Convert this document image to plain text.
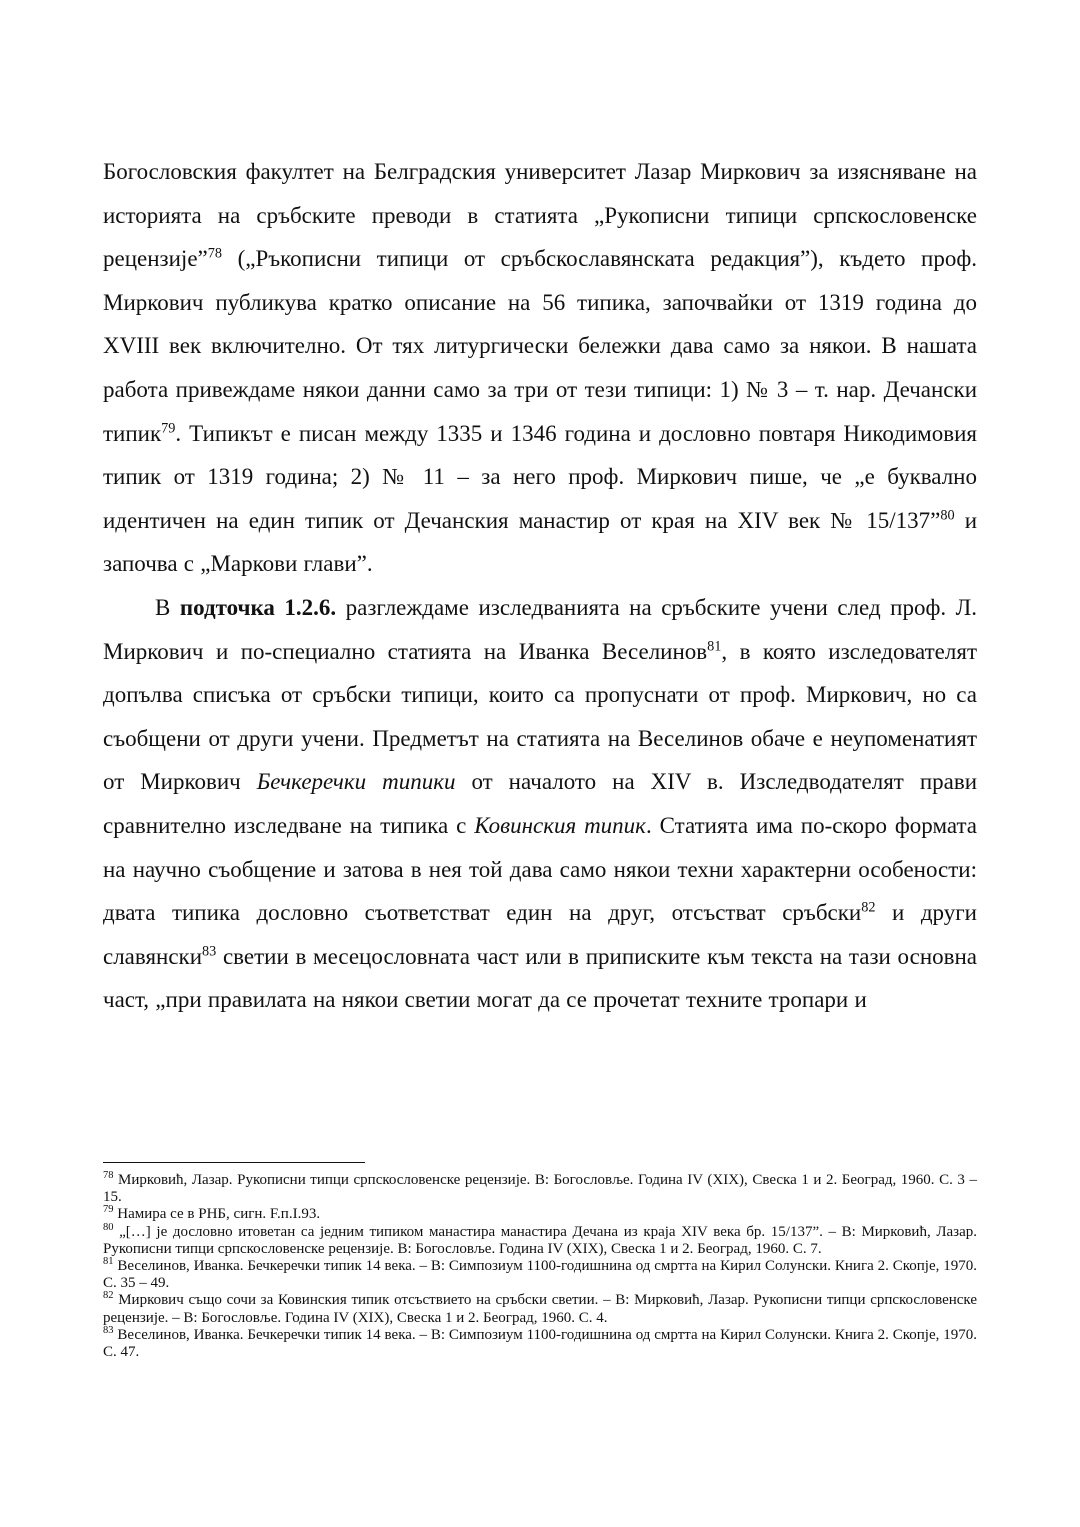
Богословския факултет на Белградския университет Лазар Миркович за изясняване на историята на сръбските преводи в статията „Рукописни типици српскословенске рецензије”$^{78}$ („Ръкописни типици от сръбскославянската редакция”), където проф. Миркович публикува кратко описание на 56 типика, започвайки от 1319 година до XVIII век включително. От тях литургически бележки дава само за някои. В нашата работа привеждаме някои данни само за три от тези типици: 1) № 3 – т. нар. Дечански типик$^{79}$. Типикът е писан между 1335 и 1346 година и дословно повтаря Никодимовия типик от 1319 година; 2) № 11 – за него проф. Миркович пише, че „е буквално идентичен на един типик от Дечанския манастир от края на XIV век № 15/137”$^{80}$ и започва с „Маркови глави”.

В подточка 1.2.6. разглеждаме изследванията на сръбските учени след проф. Л. Миркович и по-специално статията на Иванка Веселинов$^{81}$, в която изследователят допълва списъка от сръбски типици, които са пропуснати от проф. Миркович, но са съобщени от други учени. Предметът на статията на Веселинов обаче е неупоменатият от Миркович Бечкеречки типики от началото на XIV в. Изследводателят прави сравнително изследване на типика с Ковинския типик. Статията има по-скоро формата на научно съобщение и затова в нея той дава само някои техни характерни особености: двата типика дословно съответстват един на друг, отсъстват сръбски$^{82}$ и други славянски$^{83}$ светии в месецословната част или в приписките към текста на тази основна част, „при правилата на някои светии могат да се прочетат техните тропари и

$^{78}$ Мирковић, Лазар. Рукописни типци српскословенске рецензије. В: Богословље. Година IV (XIX), Свеска 1 и 2. Београд, 1960. С. 3 – 15.

$^{79}$ Намира се в РНБ, сигн. F.п.I.93.

$^{80}$ „[…] је дословно итоветан са једним типиком манастира манастира Дечана из краја XIV века бр. 15/137”. – В: Мирковић, Лазар. Рукописни типци српскословенске рецензије. В: Богословље. Година IV (XIX), Свеска 1 и 2. Београд, 1960. С. 7.

$^{81}$ Веселинов, Иванка. Бечкеречки типик 14 века. – В: Симпозиум 1100-годишнина од смртта на Кирил Солунски. Книга 2. Скопје, 1970. С. 35 – 49.

$^{82}$ Миркович също сочи за Ковинския типик отсъствието на сръбски светии. – В: Мирковић, Лазар. Рукописни типци српскословенске рецензије. – В: Богословље. Година IV (XIX), Свеска 1 и 2. Београд, 1960. С. 4.

$^{83}$ Веселинов, Иванка. Бечкеречки типик 14 века. – В: Симпозиум 1100-годишнина од смртта на Кирил Солунски. Книга 2. Скопје, 1970. С. 47.
